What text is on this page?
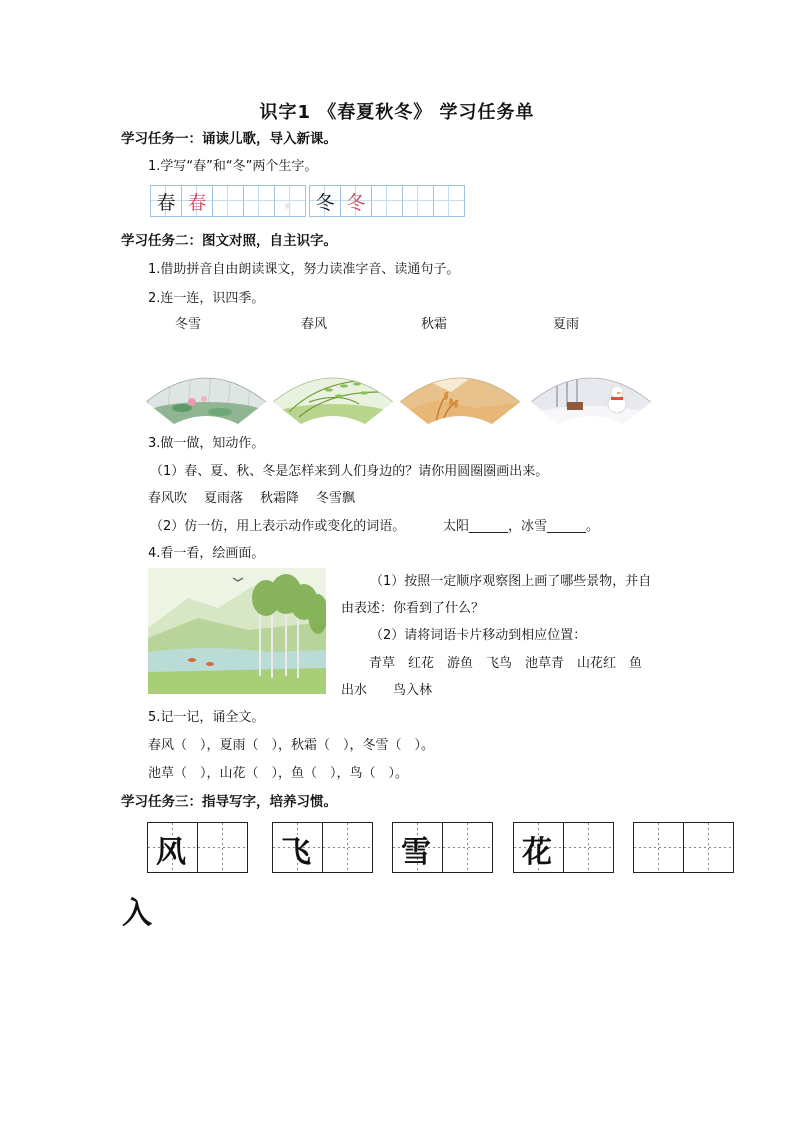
识字1 《春夏秋冬》 学习任务单
学习任务一：诵读儿歌，导入新课。
1.学写“春”和“冬”两个生字。
春 春	冬 冬
学习任务二：图文对照，自主识字。
1.借助拼音自由朗读课文，努力读准字音、读通句子。
2.连一连，识四季。
冬雪	春风	秋霜	夏雨
3.做一做，知动作。
（1）春、夏、秋、冬是怎样来到人们身边的？请你用圆圈圈画出来。
春风吹 夏雨落 秋霜降 冬雪飘
（2）仿一仿，用上表示动作或变化的词语。	太阳______，冰雪______。
4.看一看，绘画面。
（1）按照一定顺序观察图上画了哪些景物，并自
由表述：你看到了什么？
（2）请将词语卡片移动到相应位置：
青草　红花　游鱼　飞鸟　池草青　山花红　鱼
出水　　鸟入林
5.记一记，诵全文。
春风（　），夏雨（　），秋霜（　），冬雪（　）。
池草（　），山花（　），鱼（　），鸟（　）。
学习任务三：指导写字，培养习惯。
风	飞	雪	花
入
